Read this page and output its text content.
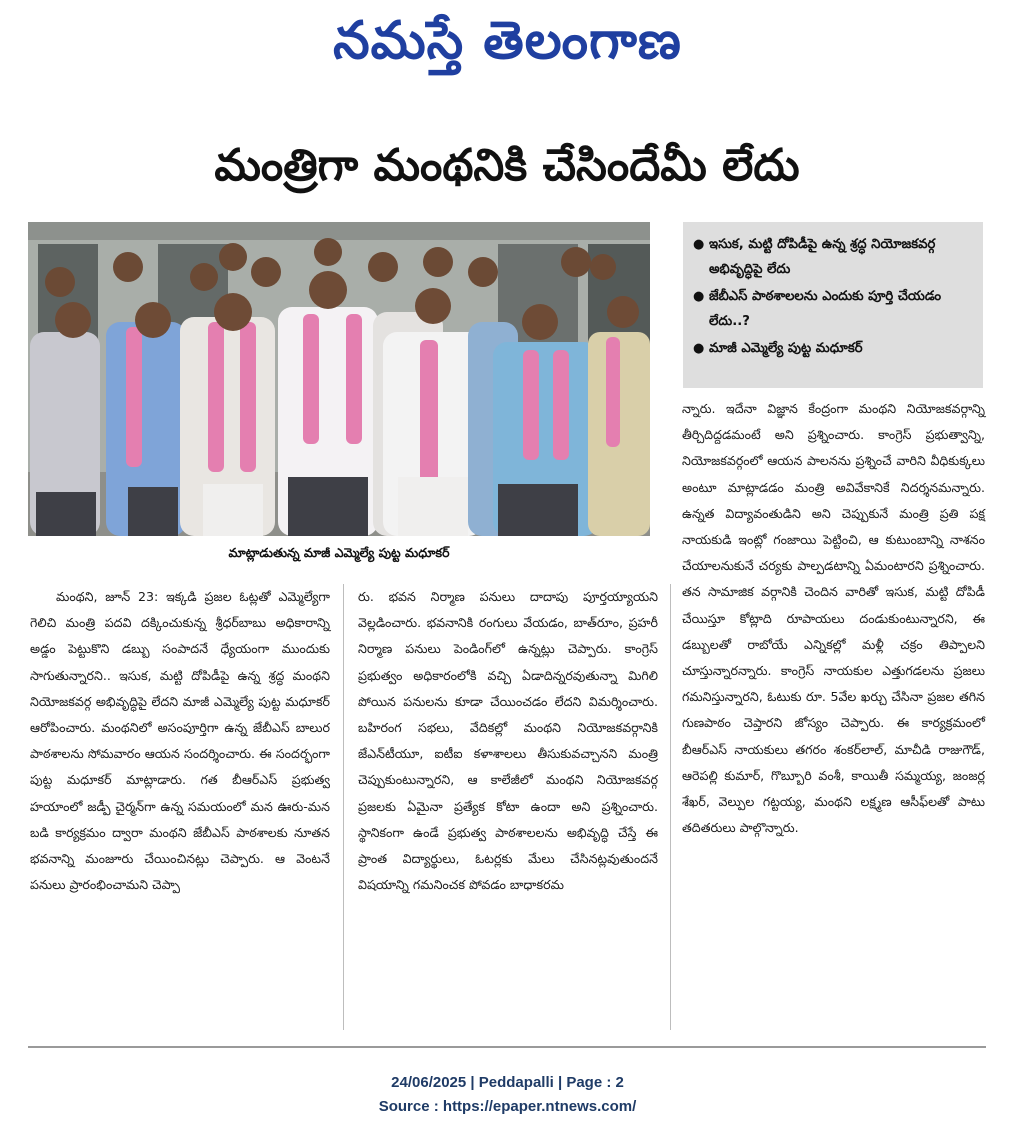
నమస్తే తెలంగాణ
మంత్రిగా మంథనికి చేసిందేమీ లేదు
మాట్లాడుతున్న మాజీ ఎమ్మెల్యే పుట్ట మధూకర్
● ఇసుక, మట్టి దోపిడీపై ఉన్న శ్రద్ధ నియోజకవర్గ అభివృద్ధిపై లేదు
● జేబీఎస్ పాఠశాలలను ఎందుకు పూర్తి చేయడం లేదు..?
● మాజీ ఎమ్మెల్యే పుట్ట మధూకర్
మంథని, జూన్ 23: ఇక్కడి ప్రజల ఓట్లతో ఎమ్మెల్యేగా గెలిచి మంత్రి పదవి దక్కించుకున్న శ్రీధర్‌బాబు అధికారాన్ని అడ్డం పెట్టుకొని డబ్బు సంపాదనే ధ్యేయంగా ముందుకు సాగుతున్నారని.. ఇసుక, మట్టి దోపిడీపై ఉన్న శ్రద్ధ మంథని నియోజకవర్గ అభివృద్ధిపై లేదని మాజీ ఎమ్మెల్యే పుట్ట మధూకర్ ఆరోపించారు. మంథనిలో అసంపూర్తిగా ఉన్న జేబీఎస్ బాలుర పాఠశాలను సోమవారం ఆయన సందర్శించారు. ఈ సందర్భంగా పుట్ట మధూకర్ మాట్లాడారు. గత బీఆర్‌ఎస్ ప్రభుత్వ హయాంలో జడ్పీ చైర్మన్‌గా ఉన్న సమయంలో మన ఊరు-మన బడి కార్యక్రమం ద్వారా మంథని జేబీఎస్ పాఠశాలకు నూతన భవనాన్ని మంజూరు చేయించినట్లు చెప్పారు. ఆ వెంటనే పనులు ప్రారంభించామని చెప్పా
రు. భవన నిర్మాణ పనులు దాదాపు పూర్తయ్యాయని వెల్లడించారు. భవనానికి రంగులు వేయడం, బాత్‌రూం, ప్రహరీ నిర్మాణ పనులు పెండింగ్‌లో ఉన్నట్లు చెప్పారు. కాంగ్రెస్ ప్రభుత్వం అధికారంలోకి వచ్చి ఏడాదిన్నరవుతున్నా మిగిలి పోయిన పనులను కూడా చేయించడం లేదని విమర్శించారు. బహిరంగ సభలు, వేదికల్లో మంథని నియోజకవర్గానికి జేఎన్‌టీయూ, ఐటీఐ కళాశాలలు తీసుకువచ్చానని మంత్రి చెప్పుకుంటున్నారని, ఆ కాలేజీలో మంథని నియోజకవర్గ ప్రజలకు ఏమైనా ప్రత్యేక కోటా ఉందా అని ప్రశ్నించారు. స్థానికంగా ఉండే ప్రభుత్వ పాఠశాలలను అభివృద్ధి చేస్తే ఈ ప్రాంత విద్యార్థులు, ఓటర్లకు మేలు చేసినట్లవుతుందనే విషయాన్ని గమనించక పోవడం బాధాకరమ
న్నారు. ఇదేనా విజ్ఞాన కేంద్రంగా మంథని నియోజకవర్గాన్ని తీర్చిదిద్దడమంటే అని ప్రశ్నించారు. కాంగ్రెస్ ప్రభుత్వాన్ని, నియోజకవర్గంలో ఆయన పాలనను ప్రశ్నించే వారిని వీధికుక్కలు అంటూ మాట్లాడడం మంత్రి అవివేకానికే నిదర్శనమన్నారు. ఉన్నత విద్యావంతుడిని అని చెప్పుకునే మంత్రి ప్రతి పక్ష నాయకుడి ఇంట్లో గంజాయి పెట్టించి, ఆ కుటుంబాన్ని నాశనం చేయాలనుకునే చర్యకు పాల్పడటాన్ని ఏమంటారని ప్రశ్నించారు. తన సామాజిక వర్గానికి చెందిన వారితో ఇసుక, మట్టి దోపిడీ చేయిస్తూ కోట్లాది రూపాయలు దండుకుంటున్నారని, ఈ డబ్బులతో రాబోయే ఎన్నికల్లో మళ్లీ చక్రం తిప్పాలని చూస్తున్నారన్నారు. కాంగ్రెస్ నాయకుల ఎత్తుగడలను ప్రజలు గమనిస్తున్నారని, ఓటుకు రూ. 5వేల ఖర్చు చేసినా ప్రజల తగిన గుణపాఠం చెప్తారని జోస్యం చెప్పారు. ఈ కార్యక్రమంలో బీఆర్‌ఎస్ నాయకులు తగరం శంకర్‌లాల్, మాచీడి రాజుగౌడ్, ఆరెపల్లి కుమార్, గొబ్బూరి వంశీ, కాయితీ సమ్మయ్య, జంజర్ల శేఖర్, వెల్పుల గట్టయ్య, మంథని లక్ష్మణ ఆసీఫ్‌లతో పాటు తదితరులు పాల్గొన్నారు.
24/06/2025 | Peddapalli | Page : 2
Source : https://epaper.ntnews.com/
